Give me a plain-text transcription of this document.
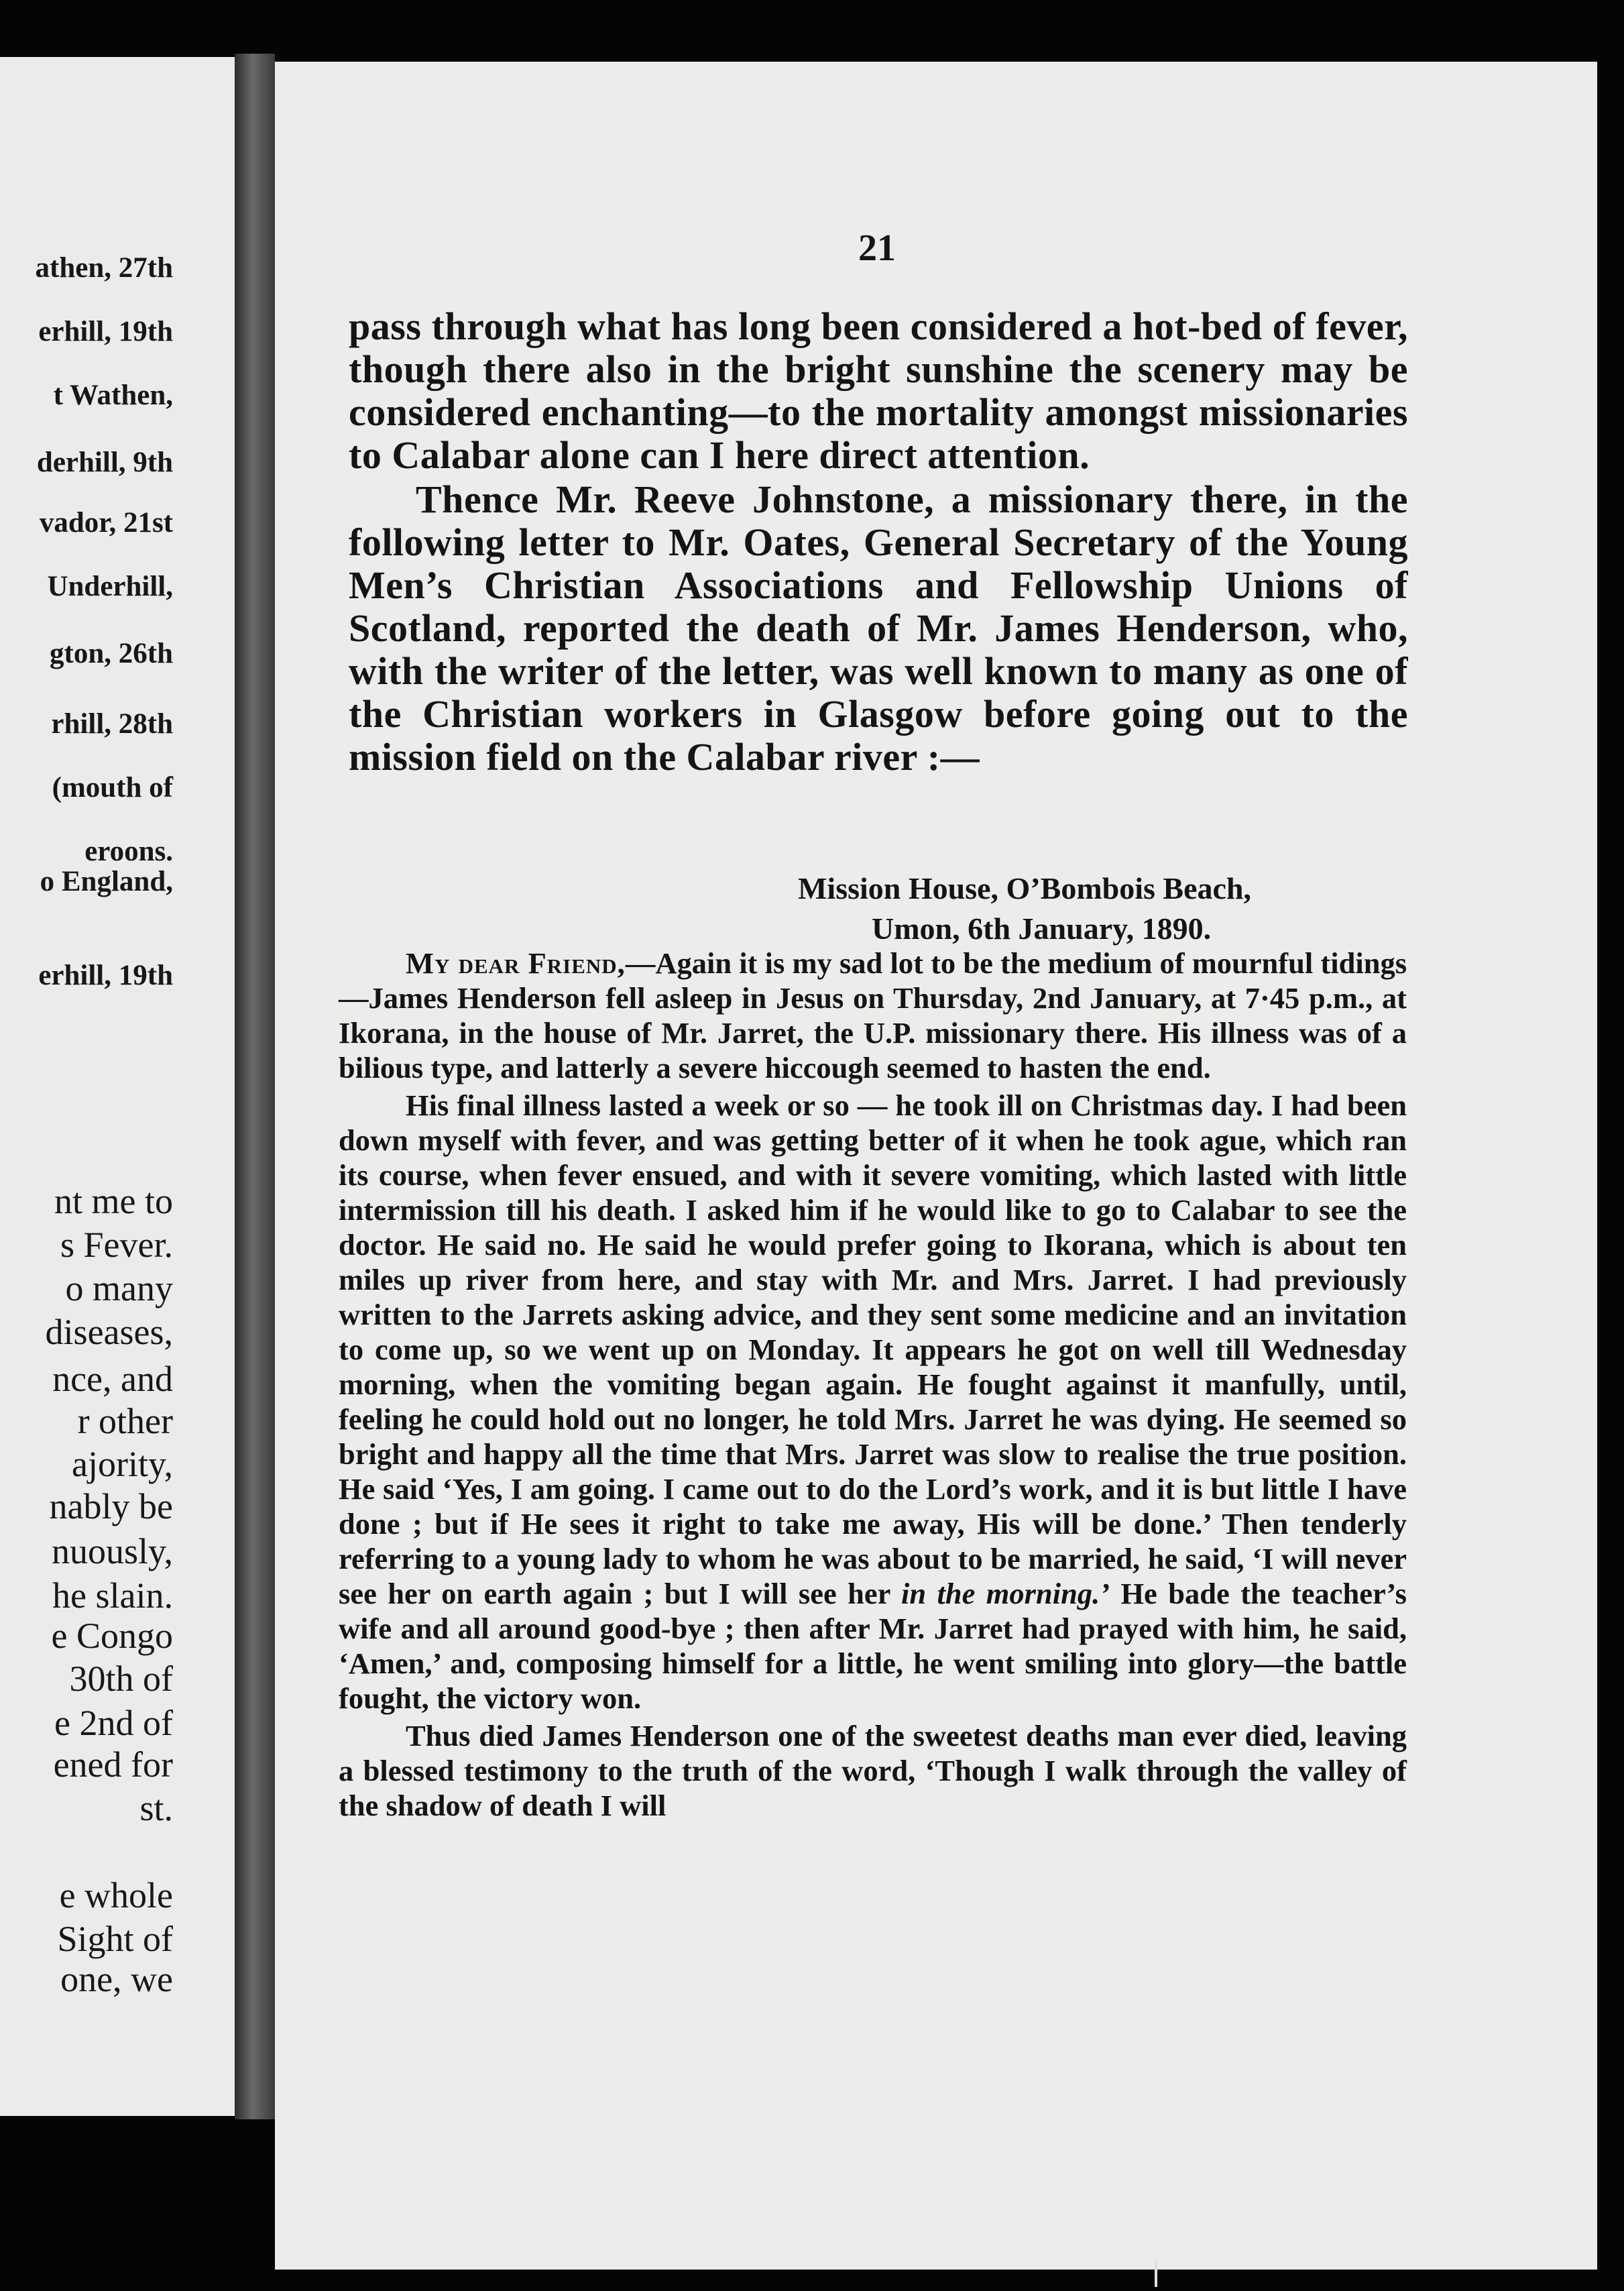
athen, 27th
erhill, 19th
t Wathen,
derhill, 9th
vador, 21st
Underhill,
gton, 26th
rhill, 28th
(mouth of
eroons.
o England,
erhill, 19th
nt me to
s Fever.
o many
diseases,
nce, and
r other
ajority,
nably be
nuously,
he slain.
e Congo
30th of
e 2nd of
ened for
st.
e whole
Sight of
one, we
21

pass through what has long been considered a hot-bed of fever, though there also in the bright sunshine the scenery may be considered enchanting—to the mortality amongst missionaries to Calabar alone can I here direct attention.

Thence Mr. Reeve Johnstone, a missionary there, in the following letter to Mr. Oates, General Secretary of the Young Men’s Christian Associations and Fellowship Unions of Scotland, reported the death of Mr. James Henderson, who, with the writer of the letter, was well known to many as one of the Christian workers in Glasgow before going out to the mission field on the Calabar river :—

Mission House, O’Bombois Beach,
Umon, 6th January, 1890.

My dear Friend,—Again it is my sad lot to be the medium of mournful tidings—James Henderson fell asleep in Jesus on Thursday, 2nd January, at 7·45 p.m., at Ikorana, in the house of Mr. Jarret, the U.P. missionary there. His illness was of a bilious type, and latterly a severe hiccough seemed to hasten the end.

His final illness lasted a week or so — he took ill on Christmas day. I had been down myself with fever, and was getting better of it when he took ague, which ran its course, when fever ensued, and with it severe vomiting, which lasted with little intermission till his death. I asked him if he would like to go to Calabar to see the doctor. He said no. He said he would prefer going to Ikorana, which is about ten miles up river from here, and stay with Mr. and Mrs. Jarret. I had previously written to the Jarrets asking advice, and they sent some medicine and an invitation to come up, so we went up on Monday. It appears he got on well till Wednesday morning, when the vomiting began again. He fought against it manfully, until, feeling he could hold out no longer, he told Mrs. Jarret he was dying. He seemed so bright and happy all the time that Mrs. Jarret was slow to realise the true position. He said ‘Yes, I am going. I came out to do the Lord’s work, and it is but little I have done ; but if He sees it right to take me away, His will be done.’ Then tenderly referring to a young lady to whom he was about to be married, he said, ‘I will never see her on earth again ; but I will see her in the morning.’ He bade the teacher’s wife and all around good-bye ; then after Mr. Jarret had prayed with him, he said, ‘Amen,’ and, composing himself for a little, he went smiling into glory—the battle fought, the victory won.

Thus died James Henderson one of the sweetest deaths man ever died, leaving a blessed testimony to the truth of the word, ‘Though I walk through the valley of the shadow of death I will
